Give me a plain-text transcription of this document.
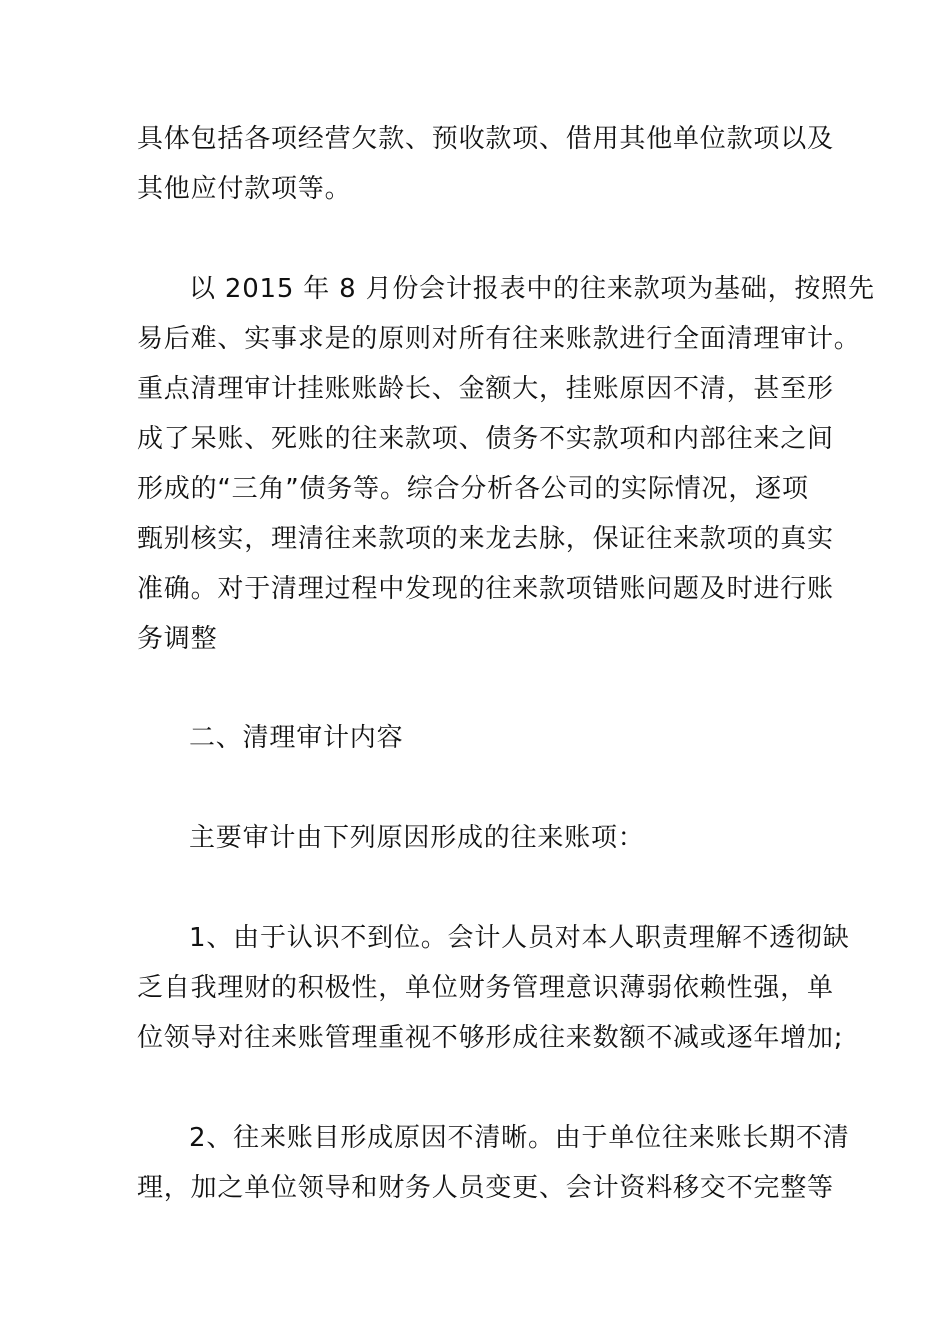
具体包括各项经营欠款、预收款项、借用其他单位款项以及
其他应付款项等。
以 2015 年 8 月份会计报表中的往来款项为基础，按照先
易后难、实事求是的原则对所有往来账款进行全面清理审计。
重点清理审计挂账账龄长、金额大，挂账原因不清，甚至形
成了呆账、死账的往来款项、债务不实款项和内部往来之间
形成的“三角”债务等。综合分析各公司的实际情况，逐项
甄别核实，理清往来款项的来龙去脉，保证往来款项的真实
准确。对于清理过程中发现的往来款项错账问题及时进行账
务调整
二、清理审计内容
主要审计由下列原因形成的往来账项：
1、由于认识不到位。会计人员对本人职责理解不透彻缺
乏自我理财的积极性，单位财务管理意识薄弱依赖性强，单
位领导对往来账管理重视不够形成往来数额不减或逐年增加;
2、往来账目形成原因不清晰。由于单位往来账长期不清
理，加之单位领导和财务人员变更、会计资料移交不完整等
